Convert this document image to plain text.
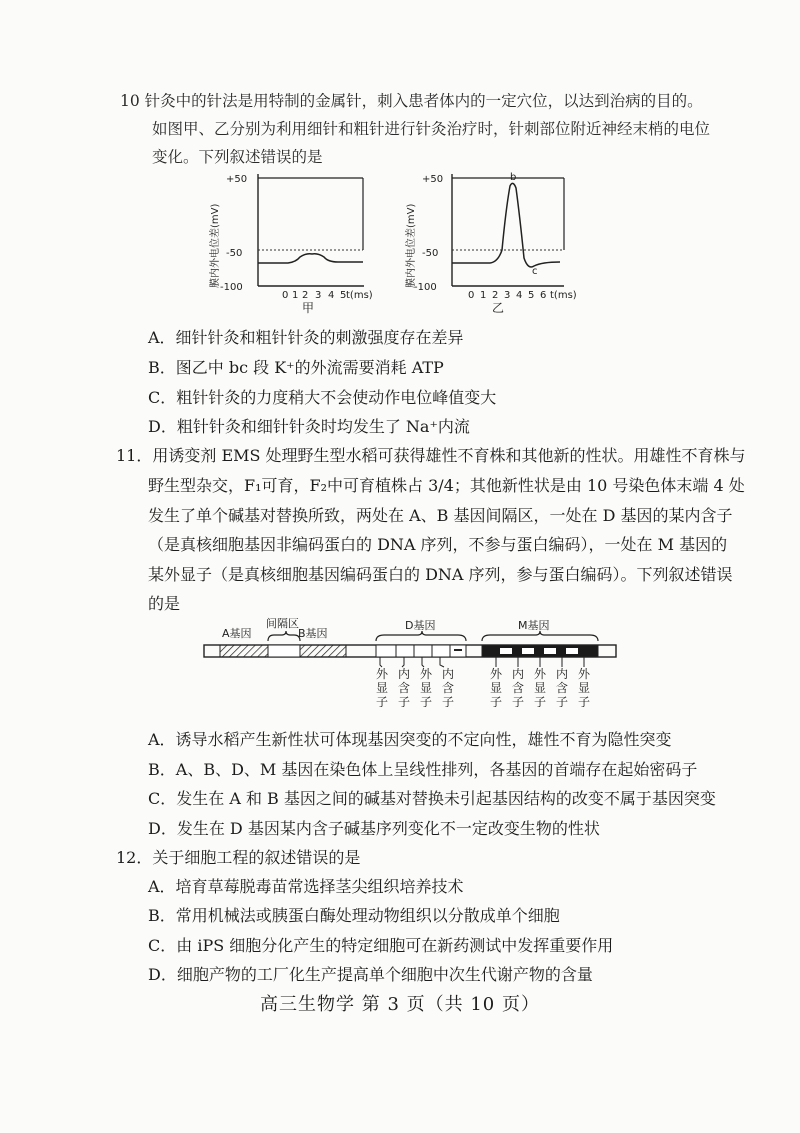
10 针灸中的针法是用特制的金属针，刺入患者体内的一定穴位，以达到治病的目的。
如图甲、乙分别为利用细针和粗针进行针灸治疗时，针刺部位附近神经末梢的电位
变化。下列叙述错误的是
膜内外电位差(mV)
+50
-50
-100
0 1 2 3 4 5 t(ms)
甲
膜内外电位差(mV)
+50
-50
-100
b
c
0 1 2 3 4 5 6 t(ms)
乙
A．细针针灸和粗针针灸的刺激强度存在差异
B．图乙中 bc 段 K⁺的外流需要消耗 ATP
C．粗针针灸的力度稍大不会使动作电位峰值变大
D．粗针针灸和细针针灸时均发生了 Na⁺内流
11．用诱变剂 EMS 处理野生型水稻可获得雄性不育株和其他新的性状。用雄性不育株与
野生型杂交，F₁可育，F₂中可育植株占 3/4；其他新性状是由 10 号染色体末端 4 处
发生了单个碱基对替换所致，两处在 A、B 基因间隔区，一处在 D 基因的某内含子
（是真核细胞基因非编码蛋白的 DNA 序列，不参与蛋白编码），一处在 M 基因的
某外显子（是真核细胞基因编码蛋白的 DNA 序列，参与蛋白编码）。下列叙述错误
的是
A基因
间隔区
B基因
D基因	M基因
外显子
内含子
外显子
内含子
外显子
内含子
外显子
内含子
外显子
A．诱导水稻产生新性状可体现基因突变的不定向性，雄性不育为隐性突变
B．A、B、D、M 基因在染色体上呈线性排列，各基因的首端存在起始密码子
C．发生在 A 和 B 基因之间的碱基对替换未引起基因结构的改变不属于基因突变
D．发生在 D 基因某内含子碱基序列变化不一定改变生物的性状
12．关于细胞工程的叙述错误的是
A．培育草莓脱毒苗常选择茎尖组织培养技术
B．常用机械法或胰蛋白酶处理动物组织以分散成单个细胞
C．由 iPS 细胞分化产生的特定细胞可在新药测试中发挥重要作用
D．细胞产物的工厂化生产提高单个细胞中次生代谢产物的含量
高三生物学 第 3 页（共 10 页）
